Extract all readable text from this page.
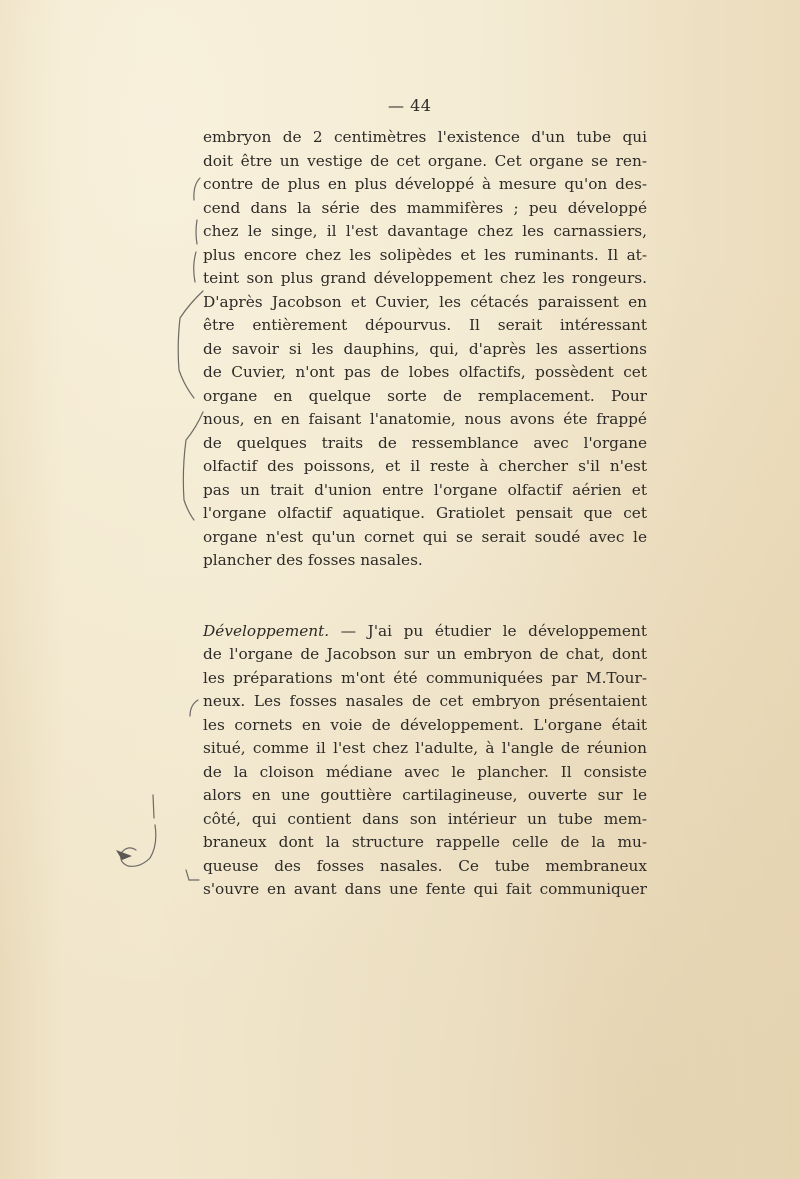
— 44
embryon de 2 centimètres l'existence d'un tube qui
doit être un vestige de cet organe. Cet organe se ren-
contre de plus en plus développé à mesure qu'on des-
cend dans la série des mammifères ; peu développé
chez le singe, il l'est davantage chez les carnassiers,
plus encore chez les solipèdes et les ruminants. Il at-
teint son plus grand développement chez les rongeurs.
D'après Jacobson et Cuvier, les cétacés paraissent en
être entièrement dépourvus. Il serait intéressant
de savoir si les dauphins, qui, d'après les assertions
de Cuvier, n'ont pas de lobes olfactifs, possèdent cet
organe en quelque sorte de remplacement. Pour
nous, en en faisant l'anatomie, nous avons éte frappé
de quelques traits de ressemblance avec l'organe
olfactif des poissons, et il reste à chercher s'il n'est
pas un trait d'union entre l'organe olfactif aérien et
l'organe olfactif aquatique. Gratiolet pensait que cet
organe n'est qu'un cornet qui se serait soudé avec le
plancher des fosses nasales.
Développement. — J'ai pu étudier le développement
de l'organe de Jacobson sur un embryon de chat, dont
les préparations m'ont été communiquées par M.Tour-
neux. Les fosses nasales de cet embryon présentaient
les cornets en voie de développement. L'organe était
situé, comme il l'est chez l'adulte, à l'angle de réunion
de la cloison médiane avec le plancher. Il consiste
alors en une gouttière cartilagineuse, ouverte sur le
côté, qui contient dans son intérieur un tube mem-
braneux dont la structure rappelle celle de la mu-
queuse des fosses nasales. Ce tube membraneux
s'ouvre en avant dans une fente qui fait communiquer
